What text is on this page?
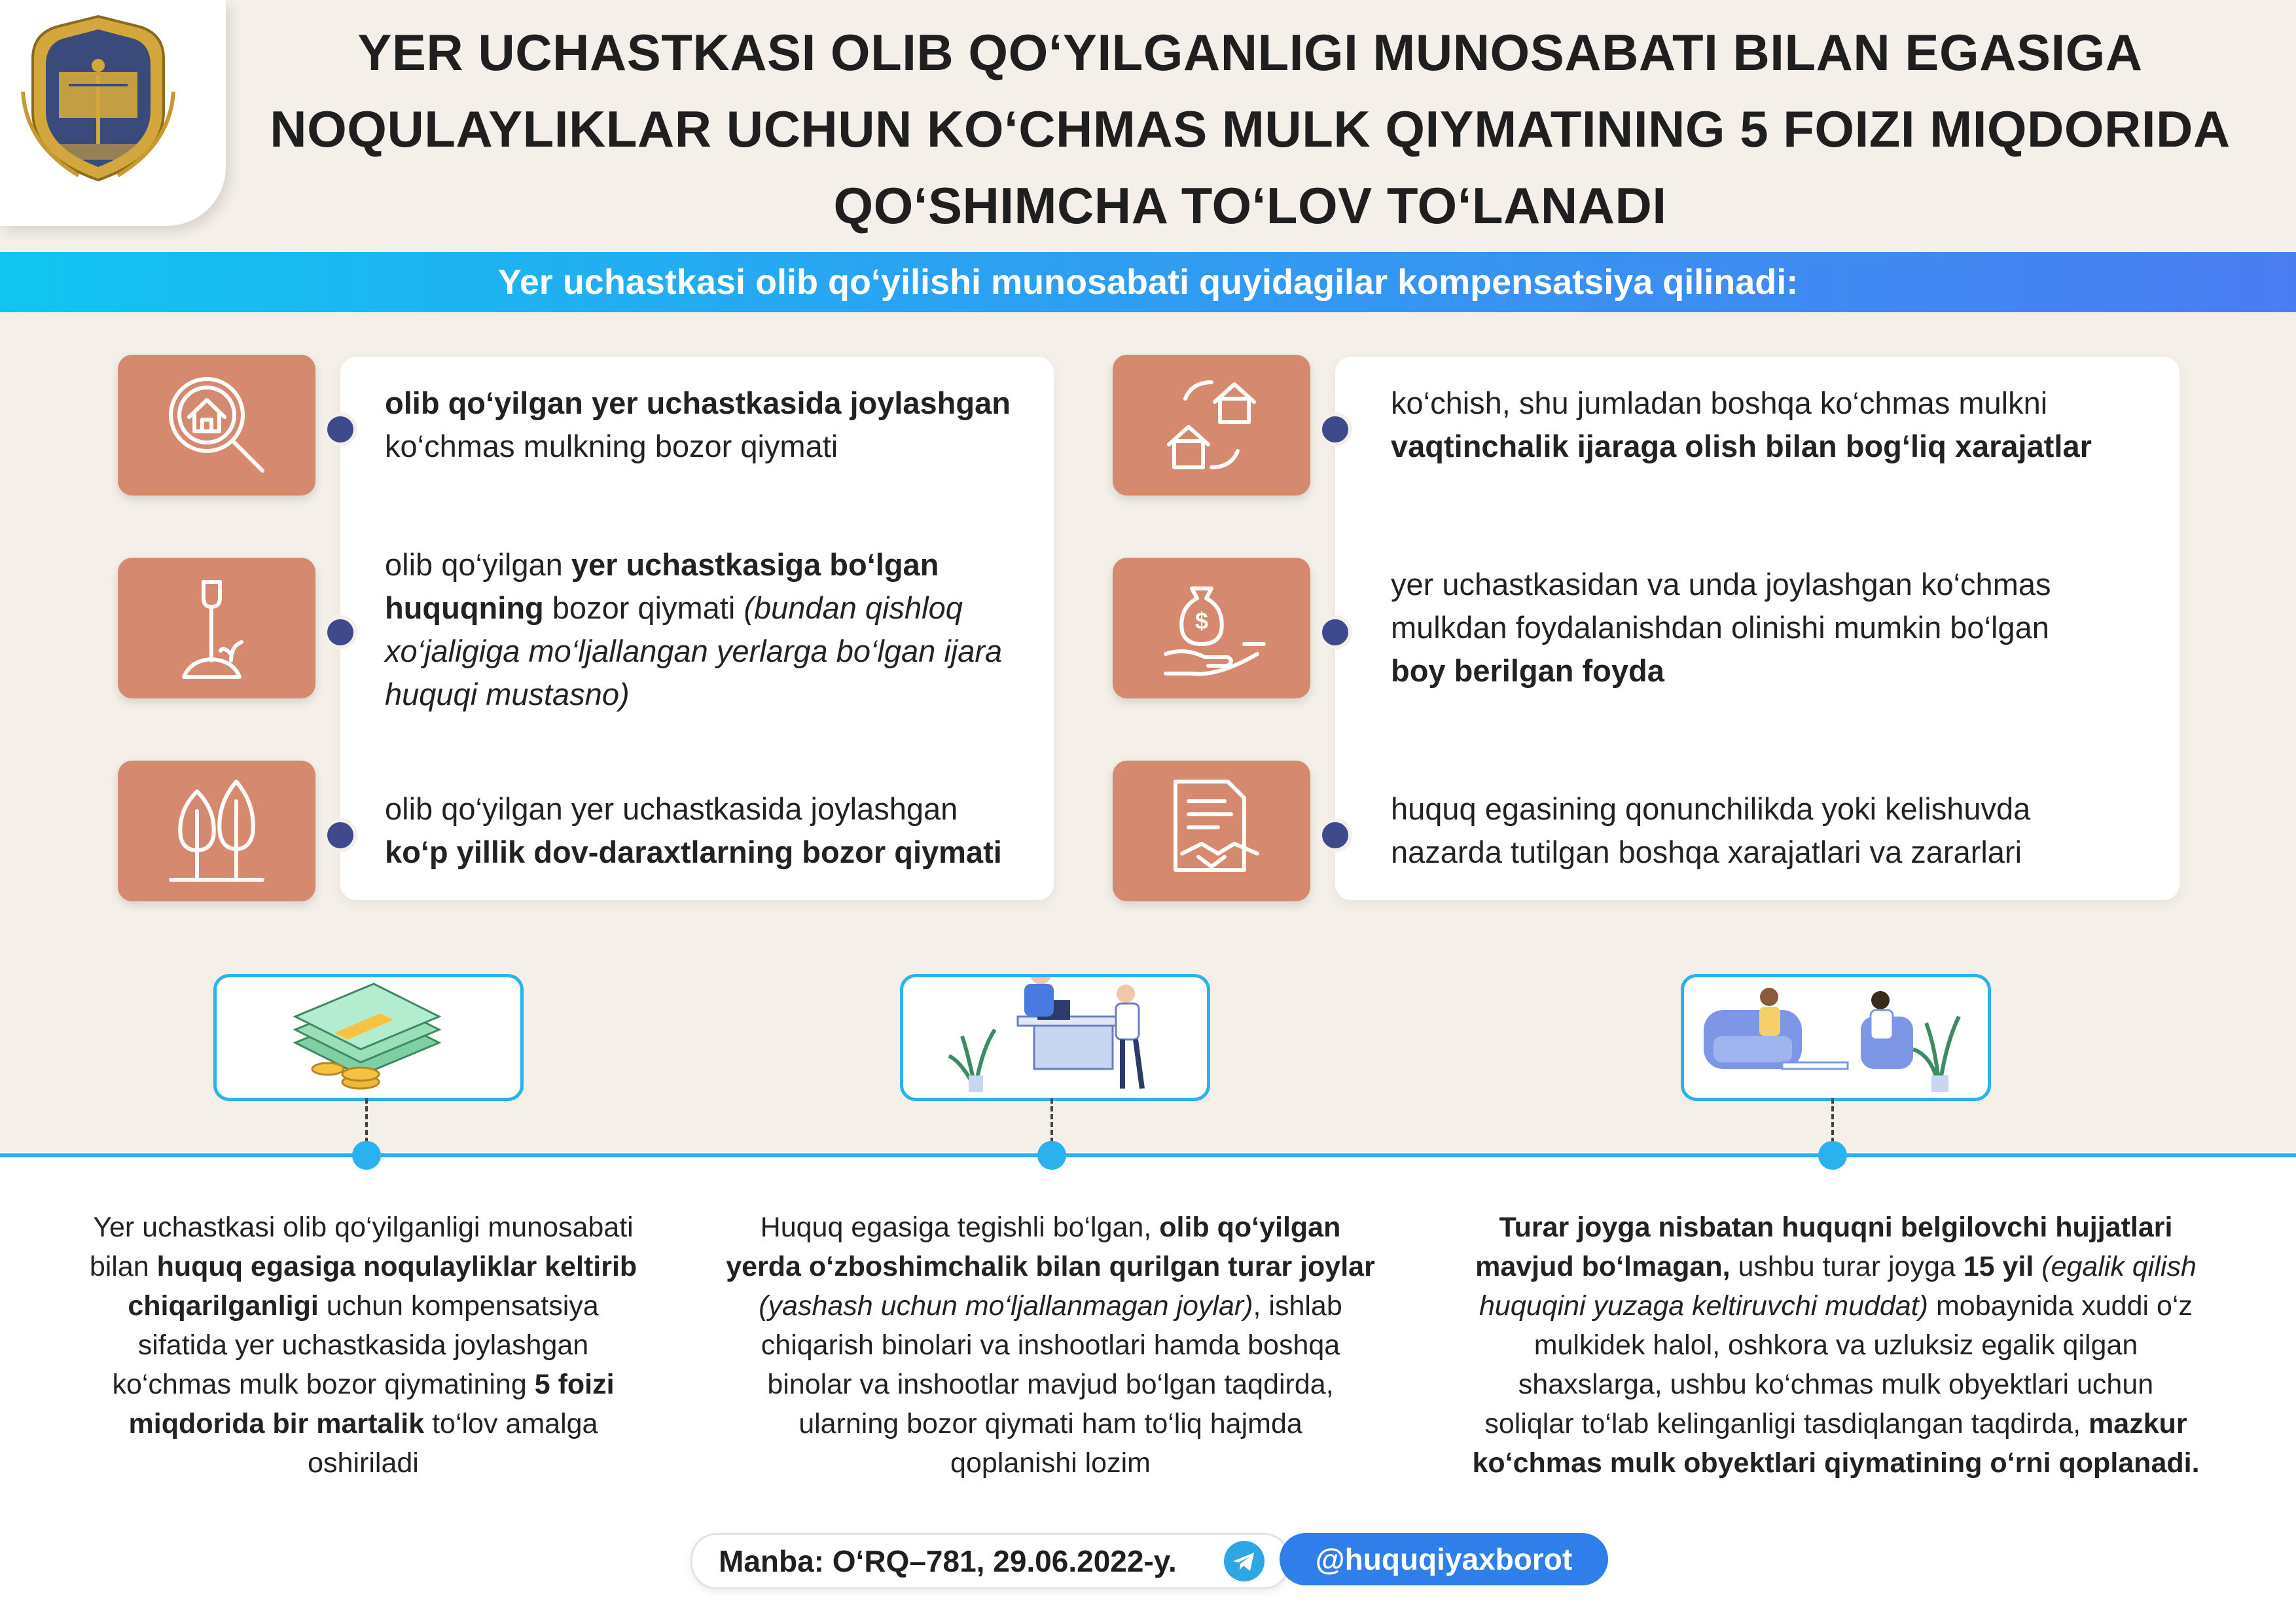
YER UCHASTKASI OLIB QO‘YILGANLIGI MUNOSABATI BILAN EGASIGA
NOQULAYLIKLAR UCHUN KO‘CHMAS MULK QIYMATINING 5 FOIZI MIQDORIDA
QO‘SHIMCHA TO‘LOV TO‘LANADI
Yer uchastkasi olib qo‘yilishi munosabati quyidagilar kompensatsiya qilinadi:
$
olib qo‘yilgan yer uchastkasida joylashgan
ko‘chmas mulkning bozor qiymati
olib qo‘yilgan yer uchastkasiga bo‘lgan
huquqning bozor qiymati (bundan qishloq
xo‘jaligiga mo‘ljallangan yerlarga bo‘lgan ijara
huquqi mustasno)
olib qo‘yilgan yer uchastkasida joylashgan
ko‘p yillik dov-daraxtlarning bozor qiymati
ko‘chish, shu jumladan boshqa ko‘chmas mulkni
vaqtinchalik ijaraga olish bilan bog‘liq xarajatlar
yer uchastkasidan va unda joylashgan ko‘chmas
mulkdan foydalanishdan olinishi mumkin bo‘lgan
boy berilgan foyda
huquq egasining qonunchilikda yoki kelishuvda
nazarda tutilgan boshqa xarajatlari va zararlari
Yer uchastkasi olib qo‘yilganligi munosabati
bilan huquq egasiga noqulayliklar keltirib
chiqarilganligi uchun kompensatsiya
sifatida yer uchastkasida joylashgan
ko‘chmas mulk bozor qiymatining 5 foizi
miqdorida bir martalik to‘lov amalga
oshiriladi
Huquq egasiga tegishli bo‘lgan, olib qo‘yilgan
yerda o‘zboshimchalik bilan qurilgan turar joylar
(yashash uchun mo‘ljallanmagan joylar), ishlab
chiqarish binolari va inshootlari hamda boshqa
binolar va inshootlar mavjud bo‘lgan taqdirda,
ularning bozor qiymati ham to‘liq hajmda
qoplanishi lozim
Turar joyga nisbatan huquqni belgilovchi hujjatlari
mavjud bo‘lmagan, ushbu turar joyga 15 yil (egalik qilish
huquqini yuzaga keltiruvchi muddat) mobaynida xuddi o‘z
mulkidek halol, oshkora va uzluksiz egalik qilgan
shaxslarga, ushbu ko‘chmas mulk obyektlari uchun
soliqlar to‘lab kelinganligi tasdiqlangan taqdirda, mazkur
ko‘chmas mulk obyektlari qiymatining o‘rni qoplanadi.
Manba: O‘RQ–781, 29.06.2022-y.	@huquqiyaxborot
